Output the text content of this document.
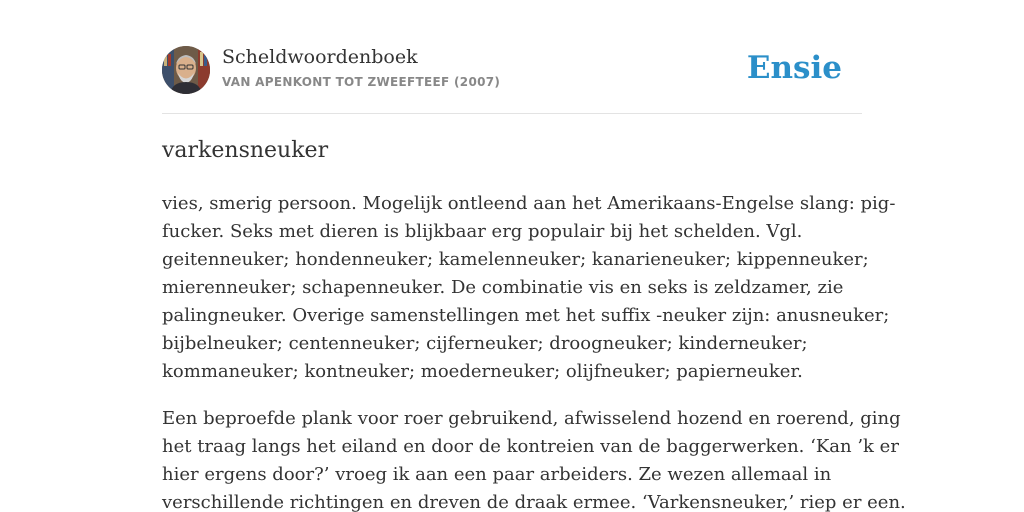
Scheldwoordenboek
VAN APENKONT TOT ZWEEFTEEF (2007)	Ensie
varkensneuker

vies, smerig persoon. Mogelijk ontleend aan het Amerikaans-Engelse slang: pig-
fucker. Seks met dieren is blijkbaar erg populair bij het schelden. Vgl.
geitenneuker; hondenneuker; kamelenneuker; kanarieneuker; kippenneuker;
mierenneuker; schapenneuker. De combinatie vis en seks is zeldzamer, zie
palingneuker. Overige samenstellingen met het suffix -neuker zijn: anusneuker;
bijbelneuker; centenneuker; cijferneuker; droogneuker; kinderneuker;
kommaneuker; kontneuker; moederneuker; olijfneuker; papierneuker.

Een beproefde plank voor roer gebruikend, afwisselend hozend en roerend, ging
het traag langs het eiland en door de kontreien van de baggerwerken. ‘Kan ’k er
hier ergens door?’ vroeg ik aan een paar arbeiders. Ze wezen allemaal in
verschillende richtingen en dreven de draak ermee. ‘Varkensneuker,’ riep er een.
